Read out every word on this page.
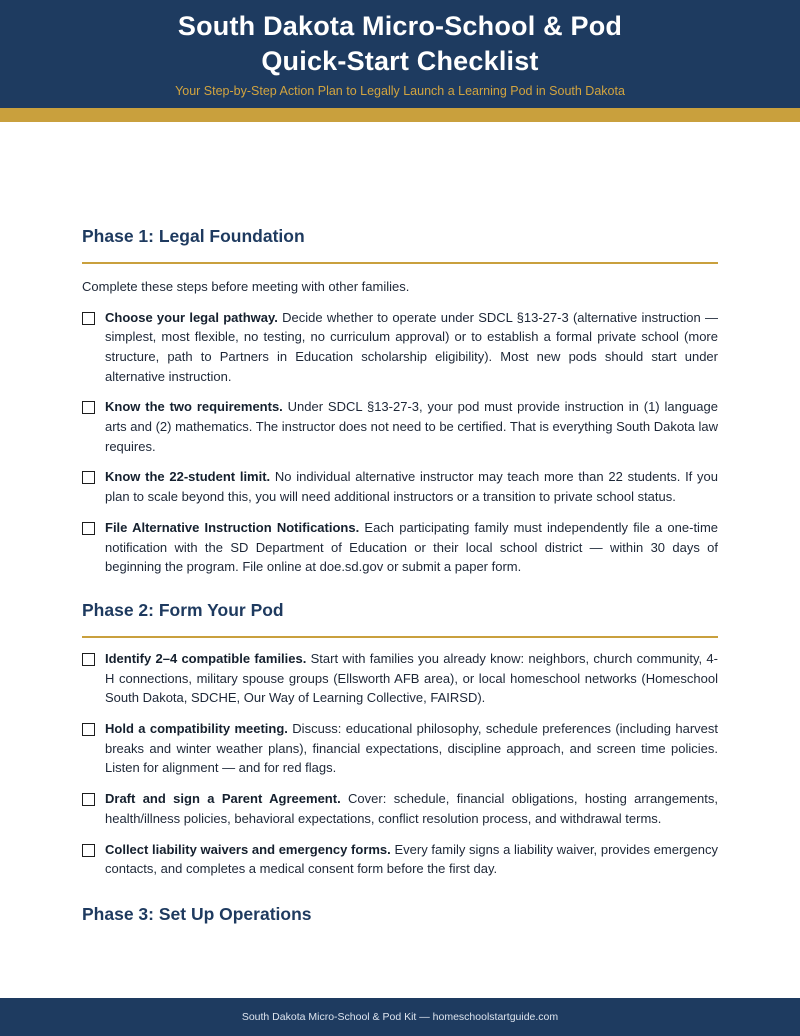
South Dakota Micro-School & Pod
Quick-Start Checklist

Your Step-by-Step Action Plan to Legally Launch a Learning Pod in South Dakota

Phase 1: Legal Foundation

Complete these steps before meeting with other families.

Choose your legal pathway. Decide whether to operate under SDCL §13-27-3 (alternative instruction — simplest, most flexible, no testing, no curriculum approval) or to establish a formal private school (more structure, path to Partners in Education scholarship eligibility). Most new pods should start under alternative instruction.

Know the two requirements. Under SDCL §13-27-3, your pod must provide instruction in (1) language arts and (2) mathematics. The instructor does not need to be certified. That is everything South Dakota law requires.

Know the 22-student limit. No individual alternative instructor may teach more than 22 students. If you plan to scale beyond this, you will need additional instructors or a transition to private school status.

File Alternative Instruction Notifications. Each participating family must independently file a one-time notification with the SD Department of Education or their local school district — within 30 days of beginning the program. File online at doe.sd.gov or submit a paper form.

Phase 2: Form Your Pod

Identify 2–4 compatible families. Start with families you already know: neighbors, church community, 4-H connections, military spouse groups (Ellsworth AFB area), or local homeschool networks (Homeschool South Dakota, SDCHE, Our Way of Learning Collective, FAIRSD).

Hold a compatibility meeting. Discuss: educational philosophy, schedule preferences (including harvest breaks and winter weather plans), financial expectations, discipline approach, and screen time policies. Listen for alignment — and for red flags.

Draft and sign a Parent Agreement. Cover: schedule, financial obligations, hosting arrangements, health/illness policies, behavioral expectations, conflict resolution process, and withdrawal terms.

Collect liability waivers and emergency forms. Every family signs a liability waiver, provides emergency contacts, and completes a medical consent form before the first day.

Phase 3: Set Up Operations

South Dakota Micro-School & Pod Kit — homeschoolstartguide.com
